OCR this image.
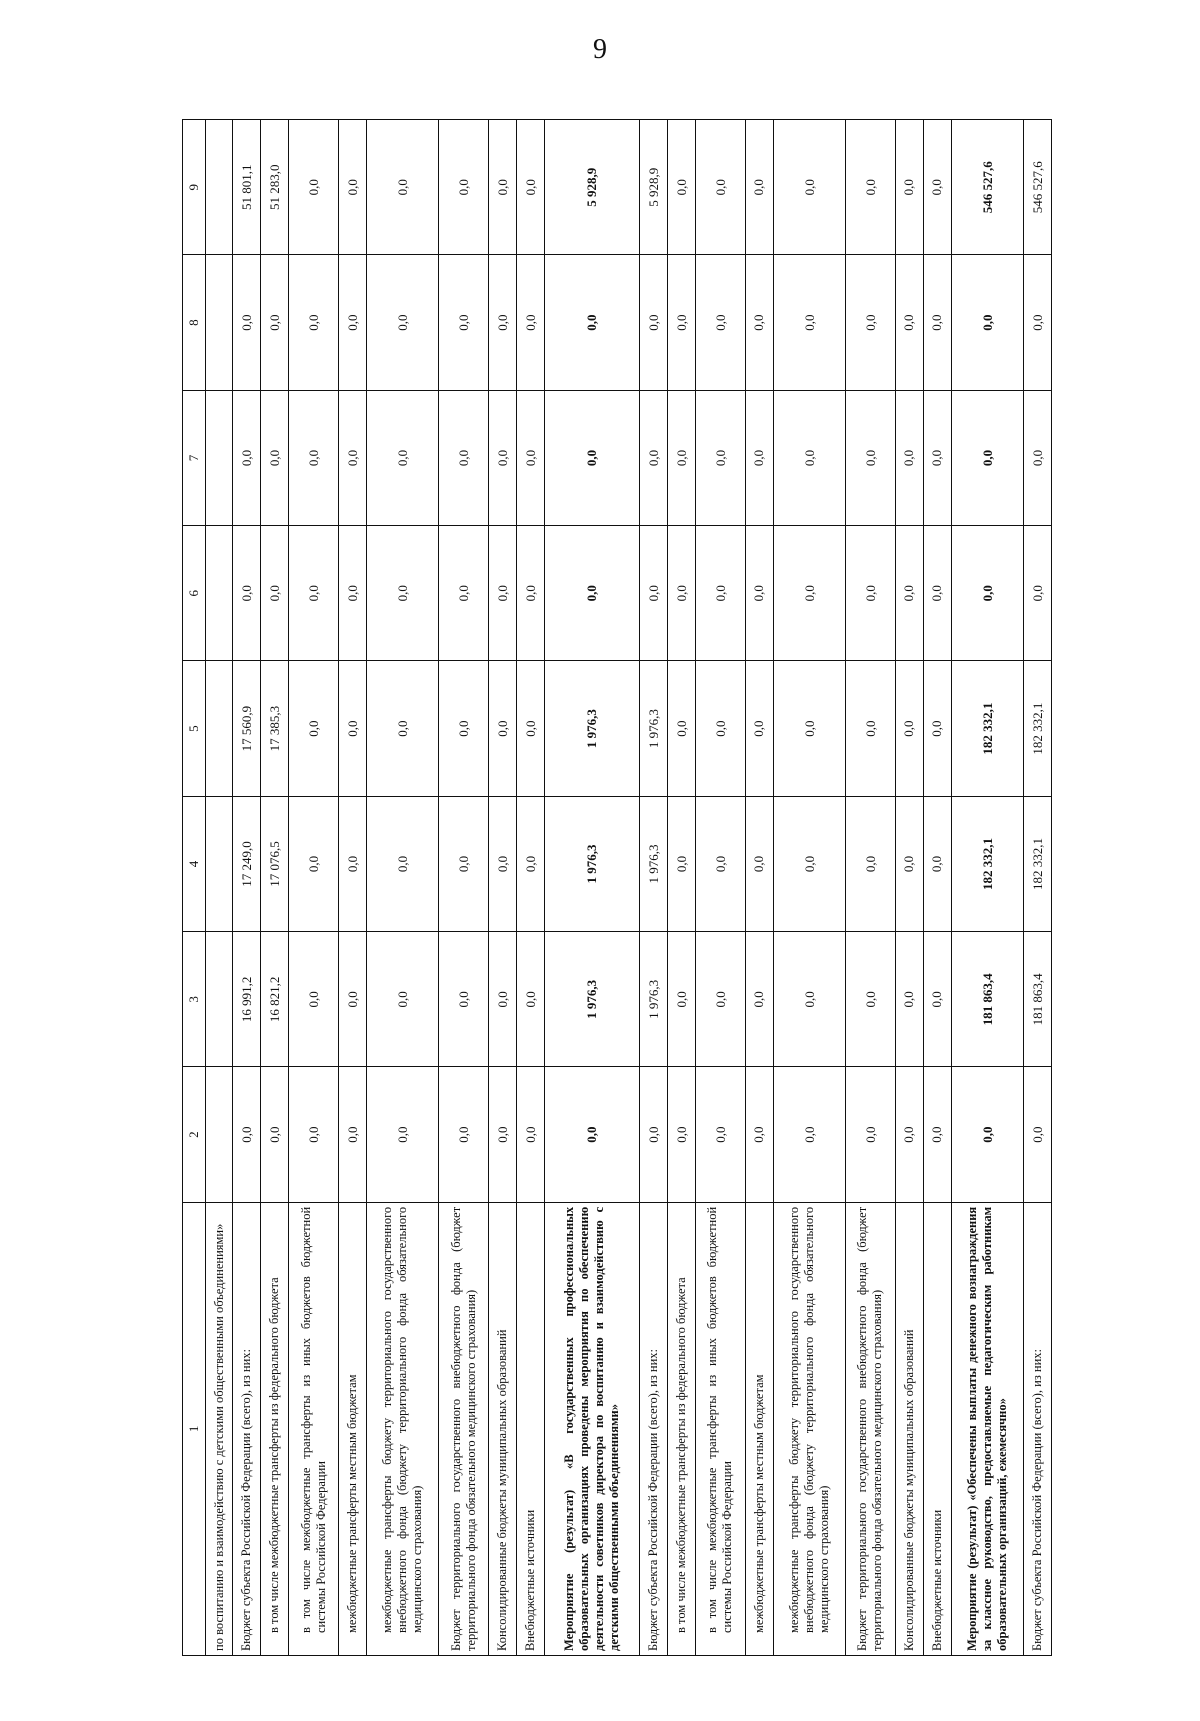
9
1	2	3	4	5	6	7	8	9
по воспитанию и взаимодействию с детскими общественными объединениями»								
Бюджет субъекта Российской Федерации (всего), из них:	0,0	16 991,2	17 249,0	17 560,9	0,0	0,0	0,0	51 801,1
в том числе межбюджетные трансферты из федерального бюджета	0,0	16 821,2	17 076,5	17 385,3	0,0	0,0	0,0	51 283,0
в том числе межбюджетные трансферты из иных бюджетов бюджетной системы Российской Федерации	0,0	0,0	0,0	0,0	0,0	0,0	0,0	0,0
межбюджетные трансферты местным бюджетам	0,0	0,0	0,0	0,0	0,0	0,0	0,0	0,0
межбюджетные трансферты бюджету территориального государственного внебюджетного фонда (бюджету территориального фонда обязательного медицинского страхования)	0,0	0,0	0,0	0,0	0,0	0,0	0,0	0,0
Бюджет территориального государственного внебюджетного фонда (бюджет территориального фонда обязательного медицинского страхования)	0,0	0,0	0,0	0,0	0,0	0,0	0,0	0,0
Консолидированные бюджеты муниципальных образований	0,0	0,0	0,0	0,0	0,0	0,0	0,0	0,0
Внебюджетные источники	0,0	0,0	0,0	0,0	0,0	0,0	0,0	0,0
Мероприятие (результат) «В государственных профессиональных образовательных организациях проведены мероприятия по обеспечению деятельности советников директора по воспитанию и взаимодействию с детскими общественными объединениями»	0,0	1 976,3	1 976,3	1 976,3	0,0	0,0	0,0	5 928,9
Бюджет субъекта Российской Федерации (всего), из них:	0,0	1 976,3	1 976,3	1 976,3	0,0	0,0	0,0	5 928,9
в том числе межбюджетные трансферты из федерального бюджета	0,0	0,0	0,0	0,0	0,0	0,0	0,0	0,0
в том числе межбюджетные трансферты из иных бюджетов бюджетной системы Российской Федерации	0,0	0,0	0,0	0,0	0,0	0,0	0,0	0,0
межбюджетные трансферты местным бюджетам	0,0	0,0	0,0	0,0	0,0	0,0	0,0	0,0
межбюджетные трансферты бюджету территориального государственного внебюджетного фонда (бюджету территориального фонда обязательного медицинского страхования)	0,0	0,0	0,0	0,0	0,0	0,0	0,0	0,0
Бюджет территориального государственного внебюджетного фонда (бюджет территориального фонда обязательного медицинского страхования)	0,0	0,0	0,0	0,0	0,0	0,0	0,0	0,0
Консолидированные бюджеты муниципальных образований	0,0	0,0	0,0	0,0	0,0	0,0	0,0	0,0
Внебюджетные источники	0,0	0,0	0,0	0,0	0,0	0,0	0,0	0,0
Мероприятие (результат) «Обеспечены выплаты денежного вознаграждения за классное руководство, предоставляемые педагогическим работникам образовательных организаций, ежемесячно»	0,0	181 863,4	182 332,1	182 332,1	0,0	0,0	0,0	546 527,6
Бюджет субъекта Российской Федерации (всего), из них:	0,0	181 863,4	182 332,1	182 332,1	0,0	0,0	0,0	546 527,6
